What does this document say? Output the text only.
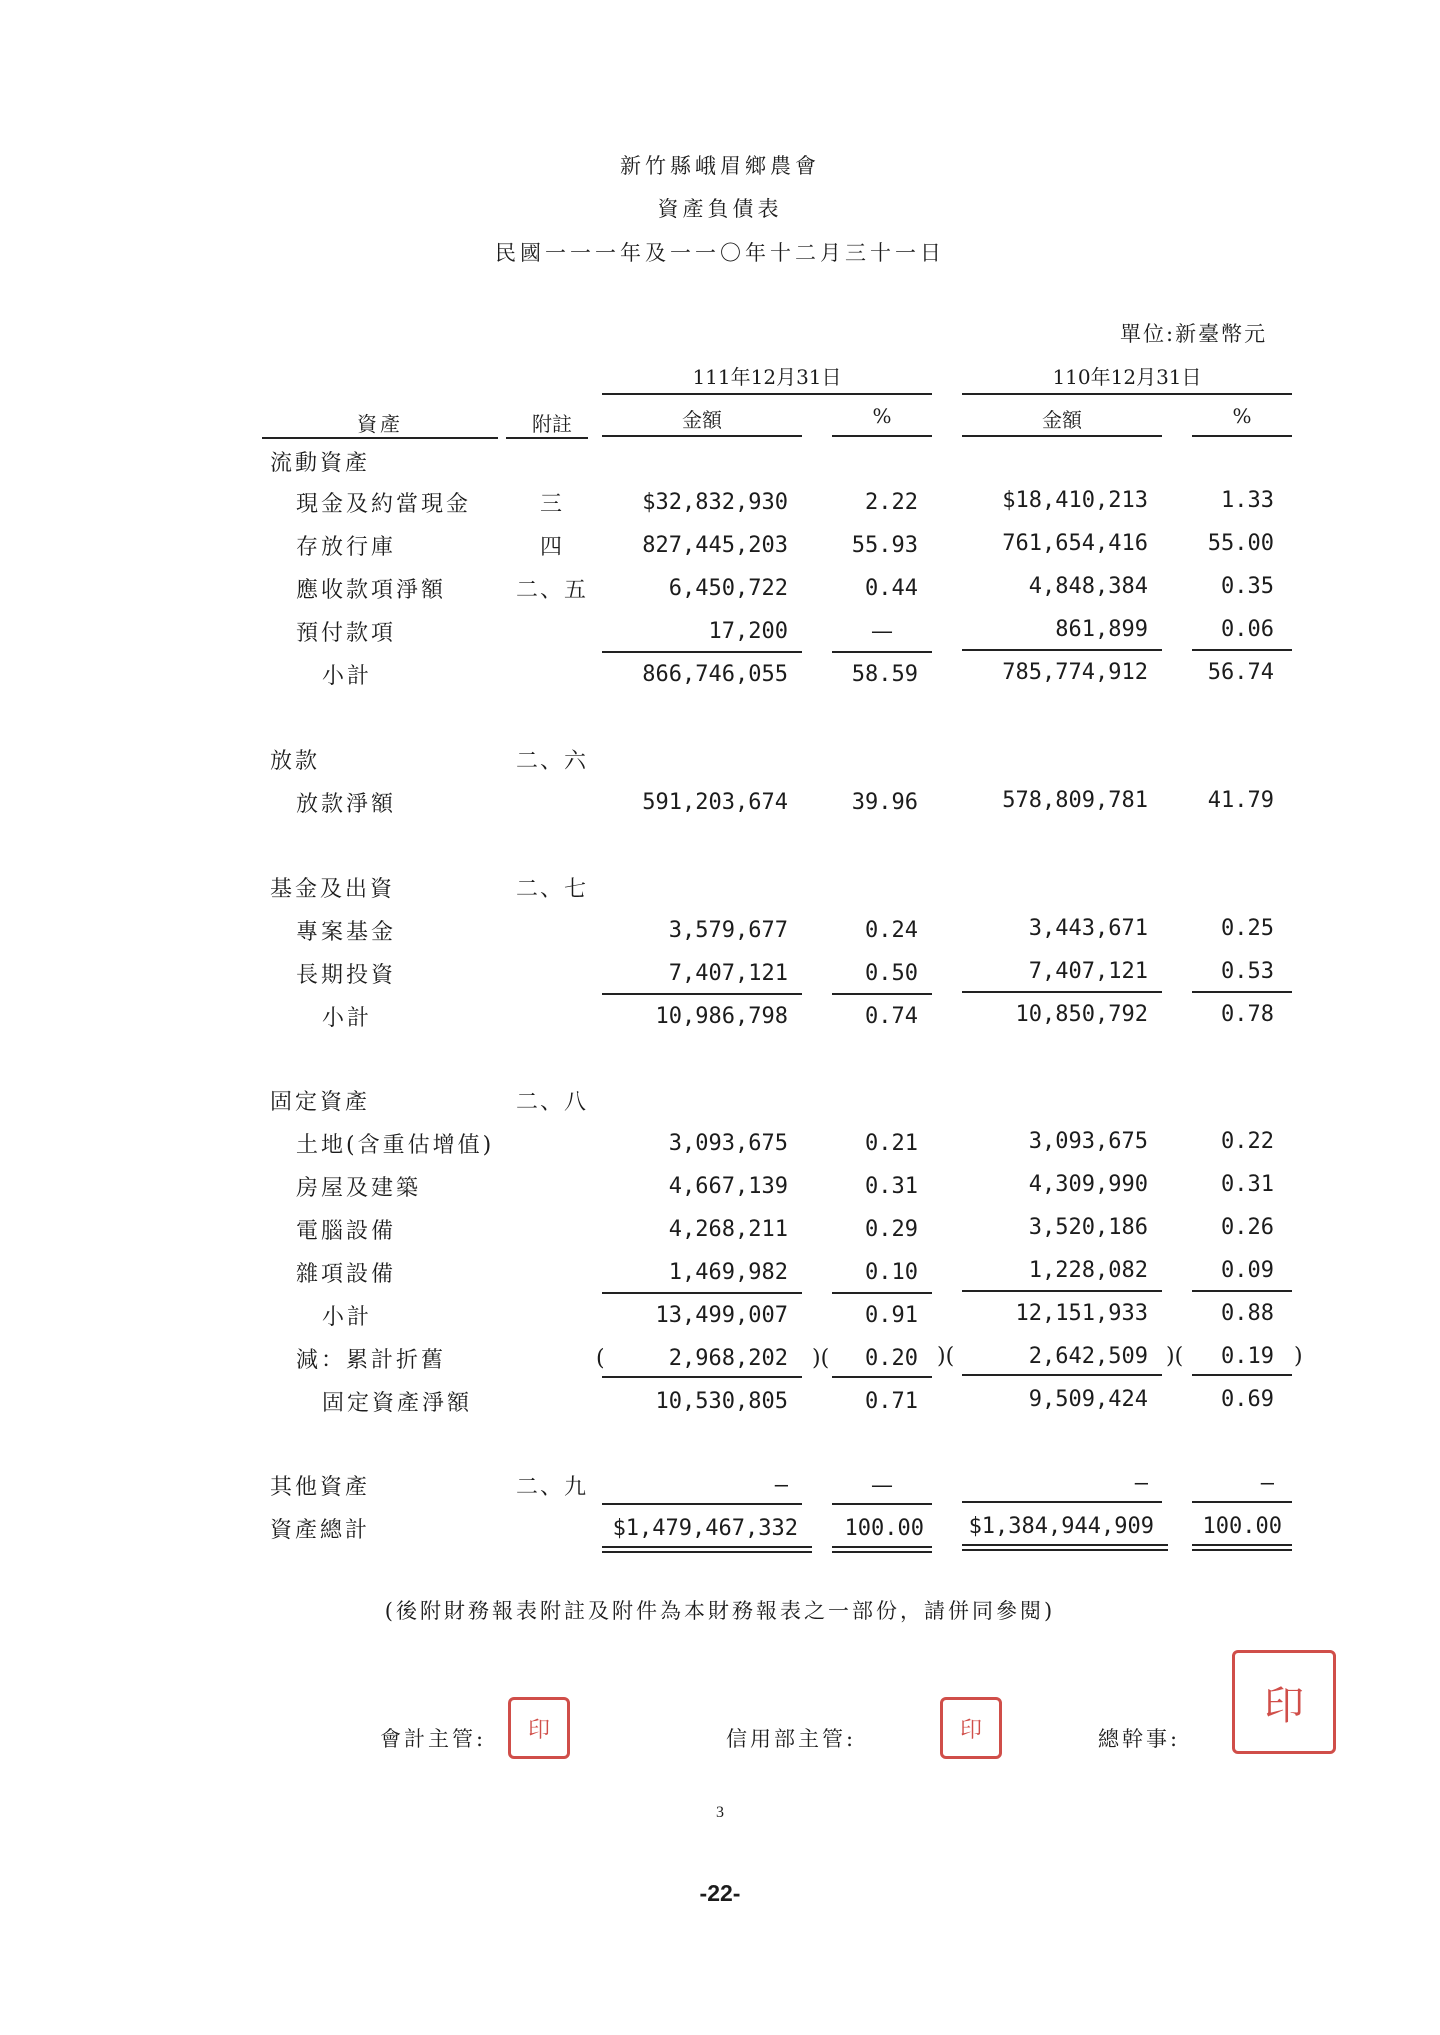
新竹縣峨眉鄉農會
資產負債表
民國一一一年及一一〇年十二月三十一日
單位:新臺幣元
111年12月31日	110年12月31日
資產	附註	金額	%	金額	%
流動資產
現金及約當現金	三	$32,832,930	2.22	$18,410,213	1.33
存放行庫	四	827,445,203	55.93	761,654,416	55.00
應收款項淨額	二、五	6,450,722	0.44	4,848,384	0.35
預付款項	17,200	—	861,899	0.06
小計	866,746,055	58.59	785,774,912	56.74
放款	二、六
放款淨額	591,203,674	39.96	578,809,781	41.79
基金及出資	二、七
專案基金	3,579,677	0.24	3,443,671	0.25
長期投資	7,407,121	0.50	7,407,121	0.53
小計	10,986,798	0.74	10,850,792	0.78
固定資產	二、八
土地(含重估增值)	3,093,675	0.21	3,093,675	0.22
房屋及建築	4,667,139	0.31	4,309,990	0.31
電腦設備	4,268,211	0.29	3,520,186	0.26
雜項設備	1,469,982	0.10	1,228,082	0.09
小計	13,499,007	0.91	12,151,933	0.88
減：累計折舊	(	2,968,202 )(	0.20 )(	2,642,509 )(	0.19 )
固定資產淨額	10,530,805	0.71	9,509,424	0.69
其他資產	二、九	—	—	—	—
資產總計	$1,479,467,332	100.00 $1,384,944,909	100.00
(後附財務報表附註及附件為本財務報表之一部份，請併同參閱)
會計主管:	印	信用部主管:	印	總幹事:
印
3
-22-
